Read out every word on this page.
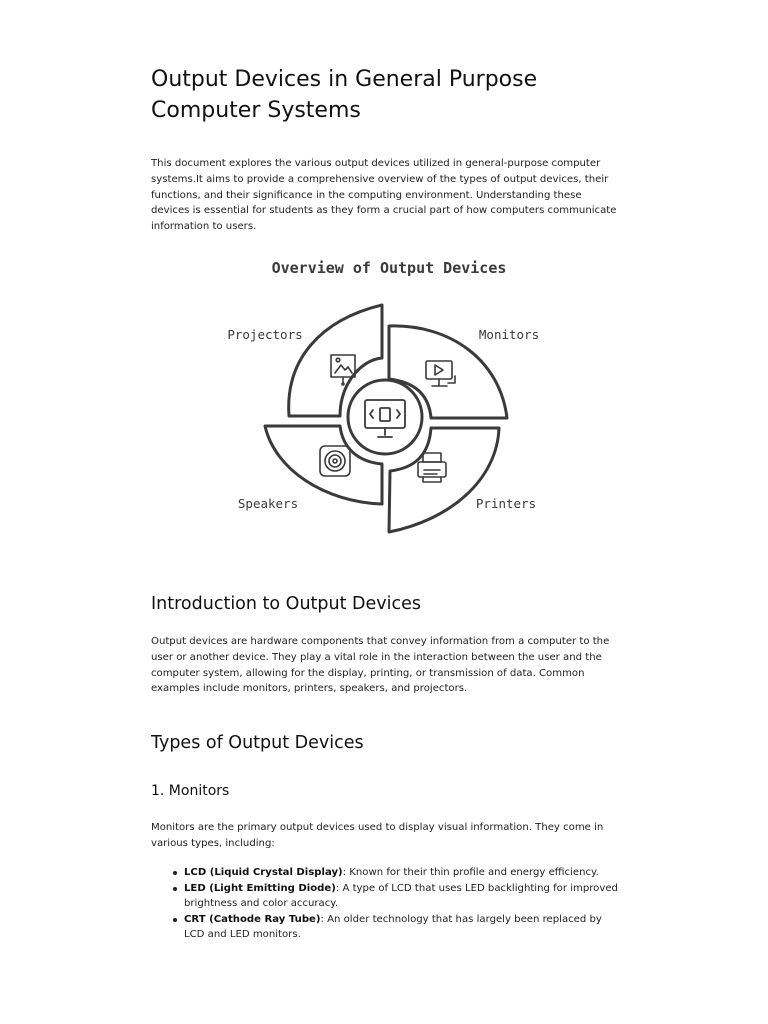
Output Devices in General Purpose Computer Systems

This document explores the various output devices utilized in general-purpose computer systems.It aims to provide a comprehensive overview of the types of output devices, their functions, and their significance in the computing environment. Understanding these devices is essential for students as they form a crucial part of how computers communicate information to users.

Introduction to Output Devices

Output devices are hardware components that convey information from a computer to the user or another device. They play a vital role in the interaction between the user and the computer system, allowing for the display, printing, or transmission of data. Common examples include monitors, printers, speakers, and projectors.

Types of Output Devices
1. Monitors

Monitors are the primary output devices used to display visual information. They come in various types, including:

LCD (Liquid Crystal Display): Known for their thin profile and energy efficiency.
LED (Light Emitting Diode): A type of LCD that uses LED backlighting for improved brightness and color accuracy.
CRT (Cathode Ray Tube): An older technology that has largely been replaced by LCD and LED monitors.
Overview of Output Devices
Projectors	Monitors
Speakers	Printers
